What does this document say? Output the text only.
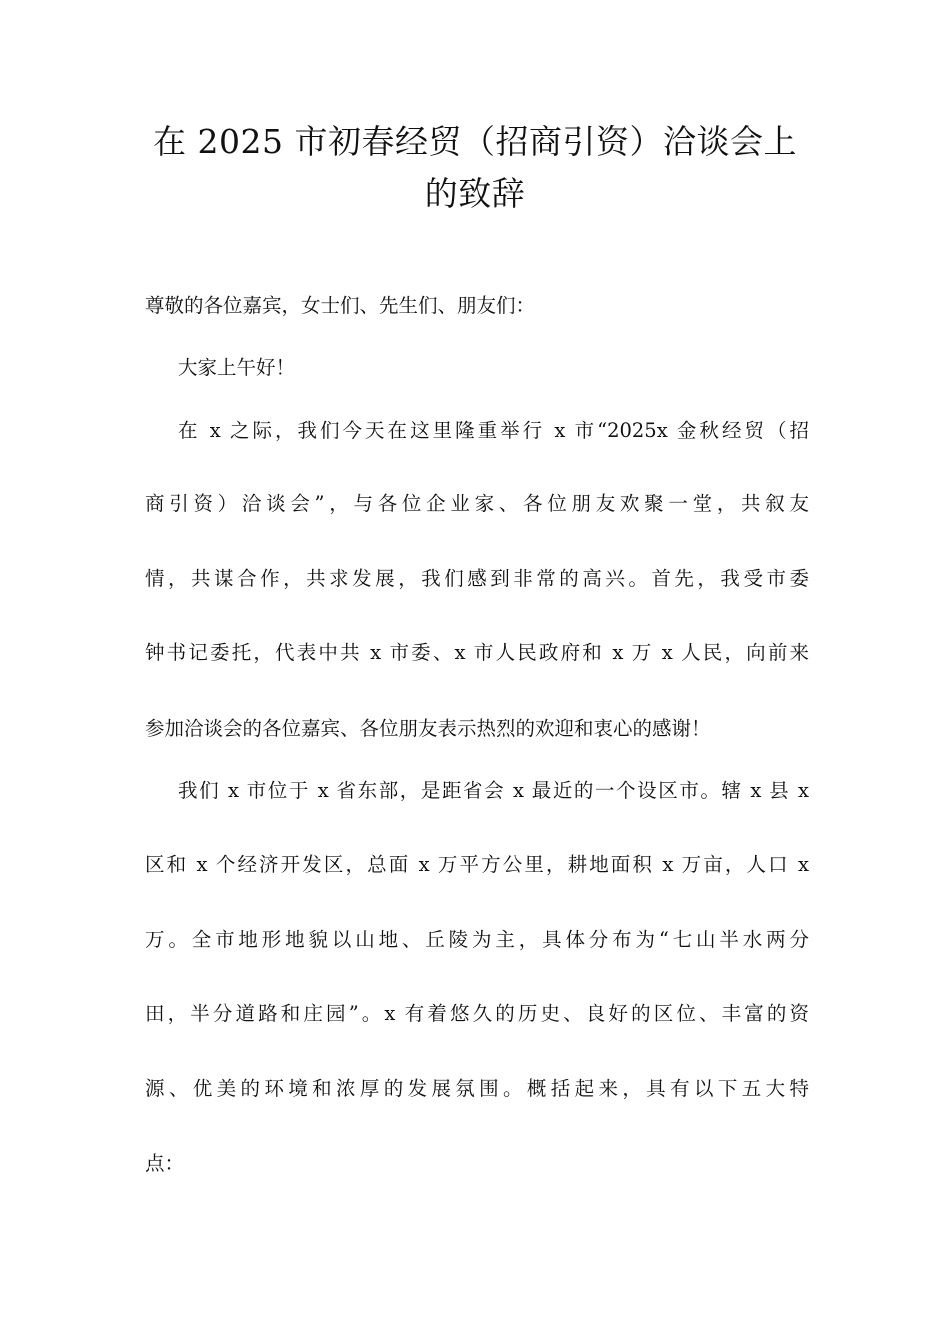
在 2025 市初春经贸（招商引资）洽谈会上
的致辞
尊敬的各位嘉宾，女士们、先生们、朋友们：
大家上午好！
在 x 之际，我们今天在这里隆重举行 x 市“2025x 金秋经贸（招
商引资）洽谈会”，与各位企业家、各位朋友欢聚一堂，共叙友
情，共谋合作，共求发展，我们感到非常的高兴。首先，我受市委
钟书记委托，代表中共 x 市委、x 市人民政府和 x 万 x 人民，向前来
参加洽谈会的各位嘉宾、各位朋友表示热烈的欢迎和衷心的感谢！
我们 x 市位于 x 省东部，是距省会 x 最近的一个设区市。辖 x 县 x
区和 x 个经济开发区，总面 x 万平方公里，耕地面积 x 万亩，人口 x
万。全市地形地貌以山地、丘陵为主，具体分布为“七山半水两分
田，半分道路和庄园”。x 有着悠久的历史、良好的区位、丰富的资
源、优美的环境和浓厚的发展氛围。概括起来，具有以下五大特
点：
